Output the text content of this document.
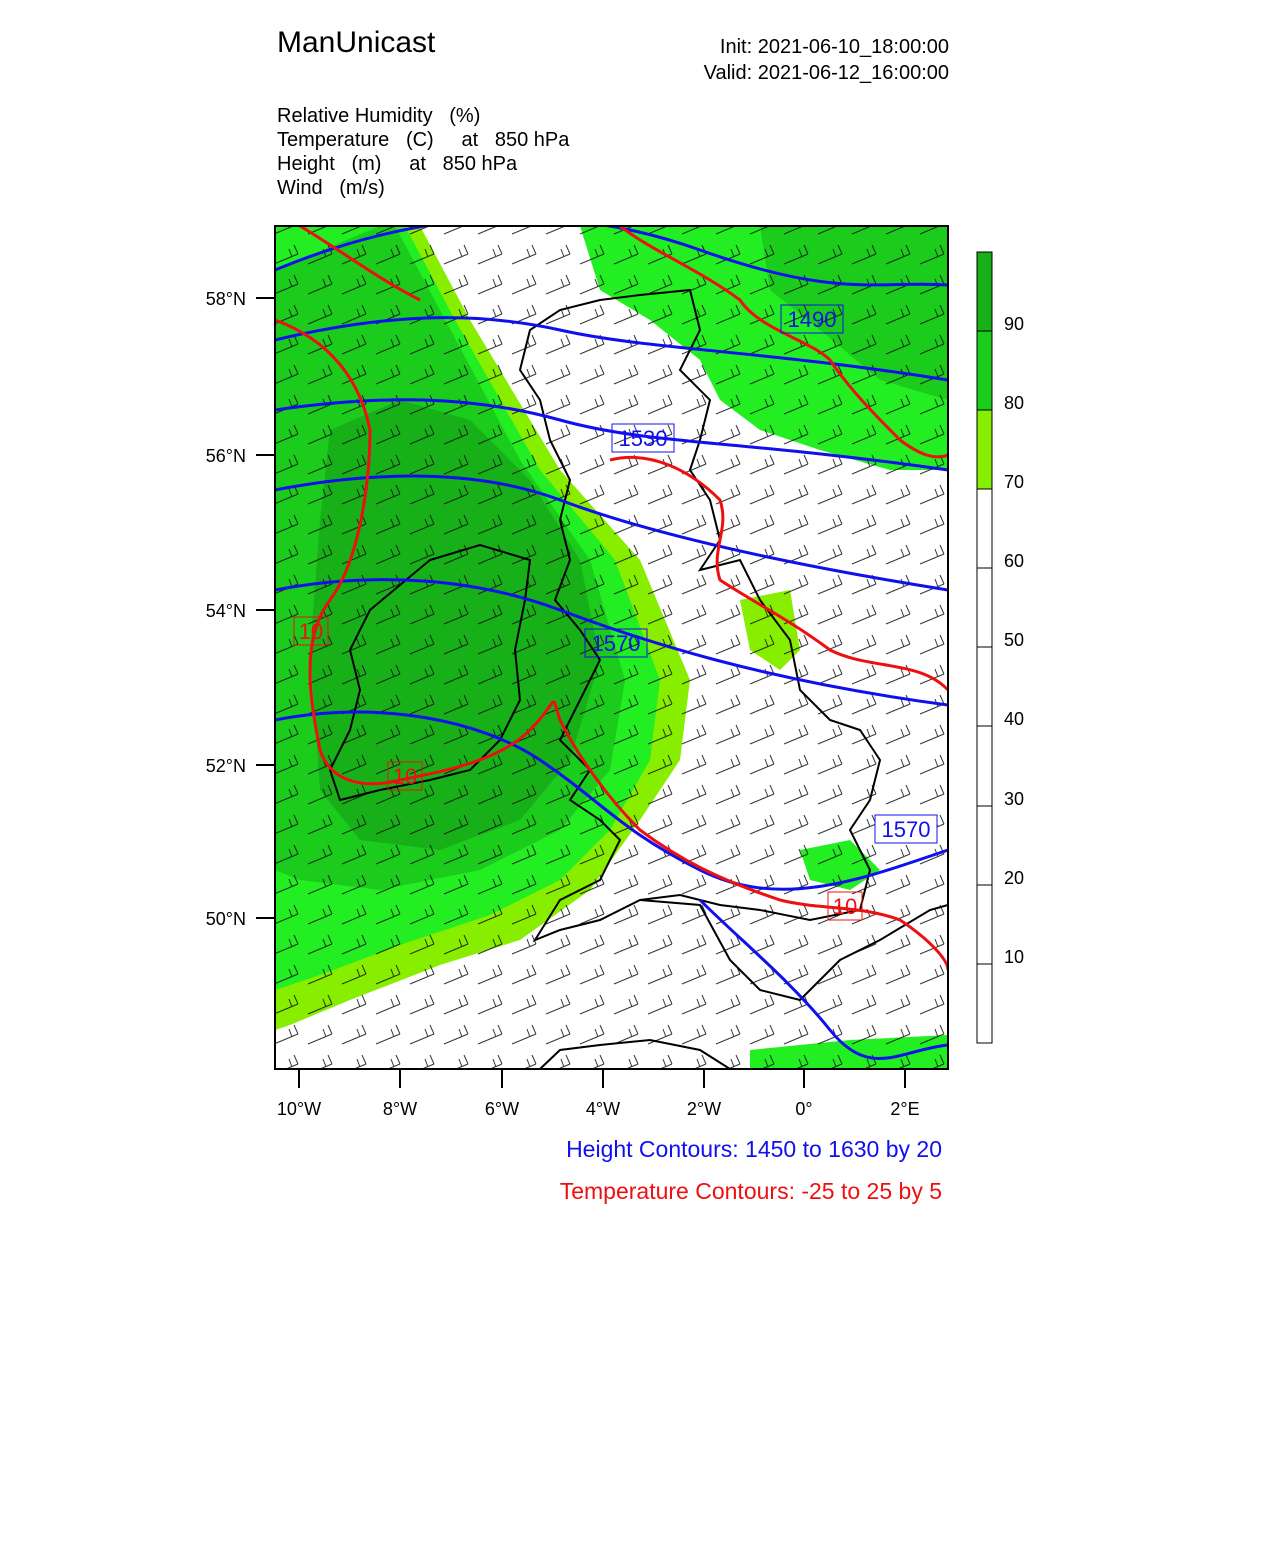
ManUnicast	Init: 2021-06-10_18:00:00
Valid: 2021-06-12_16:00:00
Relative Humidity   (%)
Temperature   (C)     at   850 hPa
Height   (m)     at   850 hPa
Wind   (m/s)
1490
1530
1570
1570
10
10
10
58°N
56°N
54°N
52°N
50°N
10°W	8°W	6°W	4°W	2°W	0°	2°E
90
80
70
60
50
40
30
20
10
Height Contours: 1450 to 1630 by 20
Temperature Contours: -25 to 25 by 5
